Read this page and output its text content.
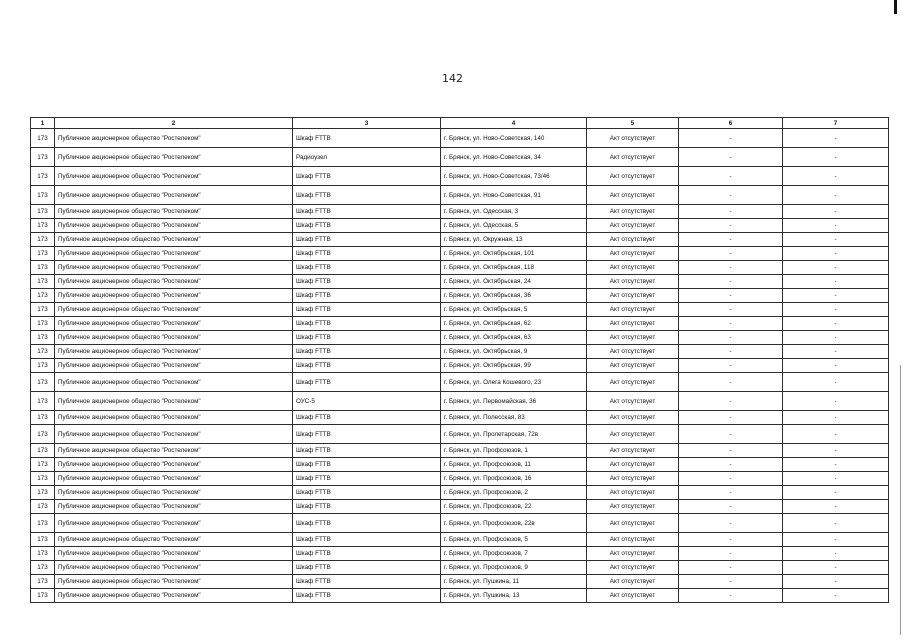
142
1	2	3	4	5	6	7
173	Публичное акционерное общество "Ростелеком"	Шкаф FTTB	г. Брянск, ул. Ново-Советская, 140	Акт отсутствует	-	-
173	Публичное акционерное общество "Ростелеком"	Радиоузел	г. Брянск, ул. Ново-Советская, 34	Акт отсутствует	-	-
173	Публичное акционерное общество "Ростелеком"	Шкаф FTTB	г. Брянск, ул. Ново-Советская, 73/46	Акт отсутствует	-	-
173	Публичное акционерное общество "Ростелеком"	Шкаф FTTB	г. Брянск, ул. Ново-Советская, 91	Акт отсутствует	-	-
173	Публичное акционерное общество "Ростелеком"	Шкаф FTTB	г. Брянск, ул. Одесская, 3	Акт отсутствует	-	-
173	Публичное акционерное общество "Ростелеком"	Шкаф FTTB	г. Брянск, ул. Одесская, 5	Акт отсутствует	-	-
173	Публичное акционерное общество "Ростелеком"	Шкаф FTTB	г. Брянск, ул. Окружная, 13	Акт отсутствует	-	-
173	Публичное акционерное общество "Ростелеком"	Шкаф FTTB	г. Брянск, ул. Октябрьская, 101	Акт отсутствует	-	-
173	Публичное акционерное общество "Ростелеком"	Шкаф FTTB	г. Брянск, ул. Октябрьская, 118	Акт отсутствует	-	-
173	Публичное акционерное общество "Ростелеком"	Шкаф FTTB	г. Брянск, ул. Октябрьская, 24	Акт отсутствует	-	-
173	Публичное акционерное общество "Ростелеком"	Шкаф FTTB	г. Брянск, ул. Октябрьская, 36	Акт отсутствует	-	-
173	Публичное акционерное общество "Ростелеком"	Шкаф FTTB	г. Брянск, ул. Октябрьская, 5	Акт отсутствует	-	-
173	Публичное акционерное общество "Ростелеком"	Шкаф FTTB	г. Брянск, ул. Октябрьская, 62	Акт отсутствует	-	-
173	Публичное акционерное общество "Ростелеком"	Шкаф FTTB	г. Брянск, ул. Октябрьская, 63	Акт отсутствует	-	-
173	Публичное акционерное общество "Ростелеком"	Шкаф FTTB	г. Брянск, ул. Октябрьская, 9	Акт отсутствует	-	-
173	Публичное акционерное общество "Ростелеком"	Шкаф FTTB	г. Брянск, ул. Октябрьская, 99	Акт отсутствует	-	-
173	Публичное акционерное общество "Ростелеком"	Шкаф FTTB	г. Брянск, ул. Олега Кошевого, 23	Акт отсутствует	-	-
173	Публичное акционерное общество "Ростелеком"	ОУС-5	г. Брянск, ул. Первомайская, 36	Акт отсутствует	-	-
173	Публичное акционерное общество "Ростелеком"	Шкаф FTTB	г. Брянск, ул. Полесская, 83	Акт отсутствует	-	-
173	Публичное акционерное общество "Ростелеком"	Шкаф FTTB	г. Брянск, ул. Пролетарская, 72в	Акт отсутствует	-	-
173	Публичное акционерное общество "Ростелеком"	Шкаф FTTB	г. Брянск, ул. Профсоюзов, 1	Акт отсутствует	-	-
173	Публичное акционерное общество "Ростелеком"	Шкаф FTTB	г. Брянск, ул. Профсоюзов, 11	Акт отсутствует	-	-
173	Публичное акционерное общество "Ростелеком"	Шкаф FTTB	г. Брянск, ул. Профсоюзов, 16	Акт отсутствует	-	-
173	Публичное акционерное общество "Ростелеком"	Шкаф FTTB	г. Брянск, ул. Профсоюзов, 2	Акт отсутствует	-	-
173	Публичное акционерное общество "Ростелеком"	Шкаф FTTB	г. Брянск, ул. Профсоюзов, 22	Акт отсутствует	-	-
173	Публичное акционерное общество "Ростелеком"	Шкаф FTTB	г. Брянск, ул. Профсоюзов, 22в	Акт отсутствует	-	-
173	Публичное акционерное общество "Ростелеком"	Шкаф FTTB	г. Брянск, ул. Профсоюзов, 5	Акт отсутствует	-	-
173	Публичное акционерное общество "Ростелеком"	Шкаф FTTB	г. Брянск, ул. Профсоюзов, 7	Акт отсутствует	-	-
173	Публичное акционерное общество "Ростелеком"	Шкаф FTTB	г. Брянск, ул. Профсоюзов, 9	Акт отсутствует	-	-
173	Публичное акционерное общество "Ростелеком"	Шкаф FTTB	г. Брянск, ул. Пушкина, 11	Акт отсутствует	-	-
173	Публичное акционерное общество "Ростелеком"	Шкаф FTTB	г. Брянск, ул. Пушкина, 13	Акт отсутствует	-	-
